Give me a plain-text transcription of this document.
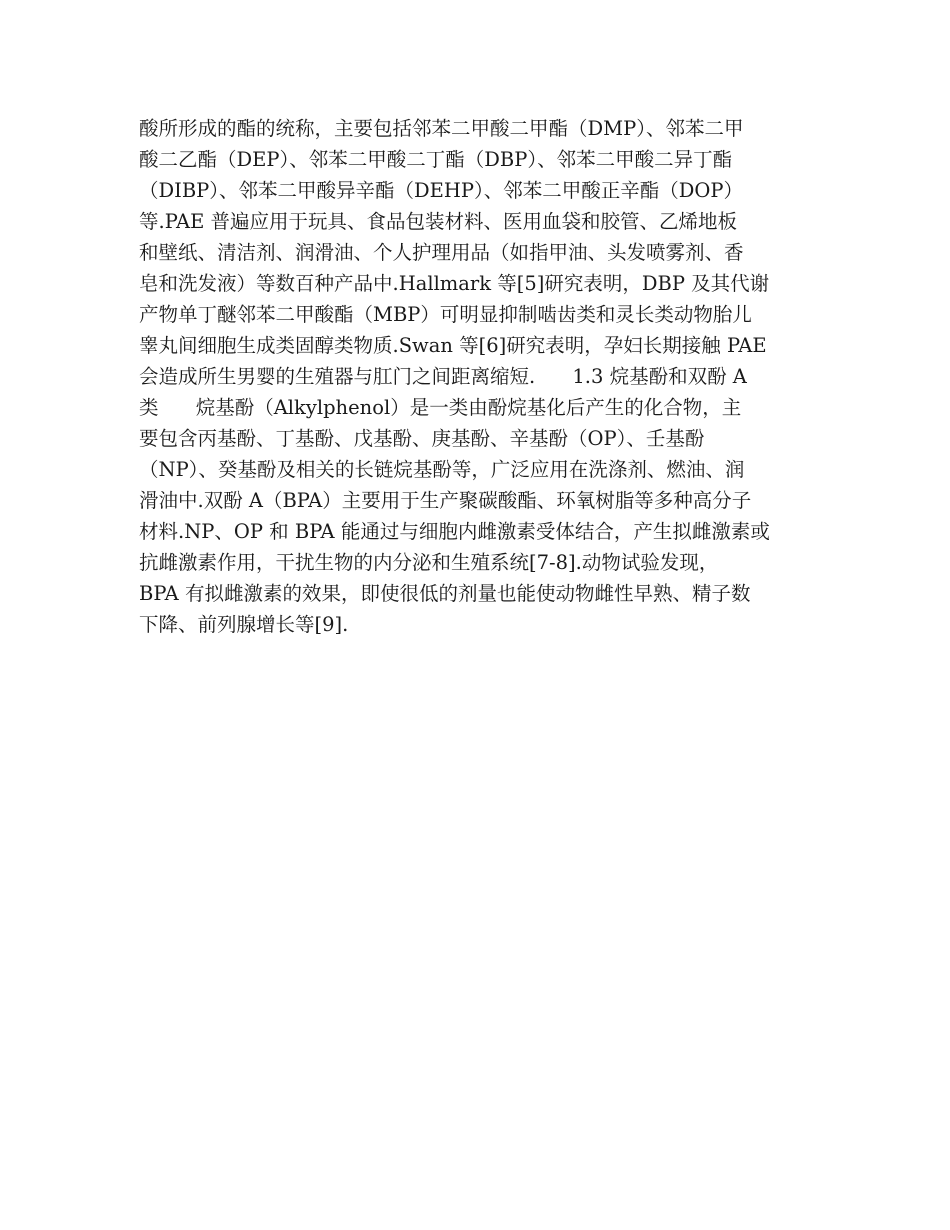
酸所形成的酯的统称，主要包括邻苯二甲酸二甲酯（DMP）、邻苯二甲
酸二乙酯（DEP）、邻苯二甲酸二丁酯（DBP）、邻苯二甲酸二异丁酯
（DIBP）、邻苯二甲酸异辛酯（DEHP）、邻苯二甲酸正辛酯（DOP）
等.PAE 普遍应用于玩具、食品包装材料、医用血袋和胶管、乙烯地板
和壁纸、清洁剂、润滑油、个人护理用品（如指甲油、头发喷雾剂、香
皂和洗发液）等数百种产品中.Hallmark 等[5]研究表明，DBP 及其代谢
产物单丁醚邻苯二甲酸酯（MBP）可明显抑制啮齿类和灵长类动物胎儿
睾丸间细胞生成类固醇类物质.Swan 等[6]研究表明，孕妇长期接触 PAE
会造成所生男婴的生殖器与肛门之间距离缩短.      1.3 烷基酚和双酚 A
类      烷基酚（Alkylphenol）是一类由酚烷基化后产生的化合物，主
要包含丙基酚、丁基酚、戊基酚、庚基酚、辛基酚（OP）、壬基酚
（NP）、癸基酚及相关的长链烷基酚等，广泛应用在洗涤剂、燃油、润
滑油中.双酚 A（BPA）主要用于生产聚碳酸酯、环氧树脂等多种高分子
材料.NP、OP 和 BPA 能通过与细胞内雌激素受体结合，产生拟雌激素或
抗雌激素作用，干扰生物的内分泌和生殖系统[7-8].动物试验发现，
BPA 有拟雌激素的效果，即使很低的剂量也能使动物雌性早熟、精子数
下降、前列腺增长等[9].
